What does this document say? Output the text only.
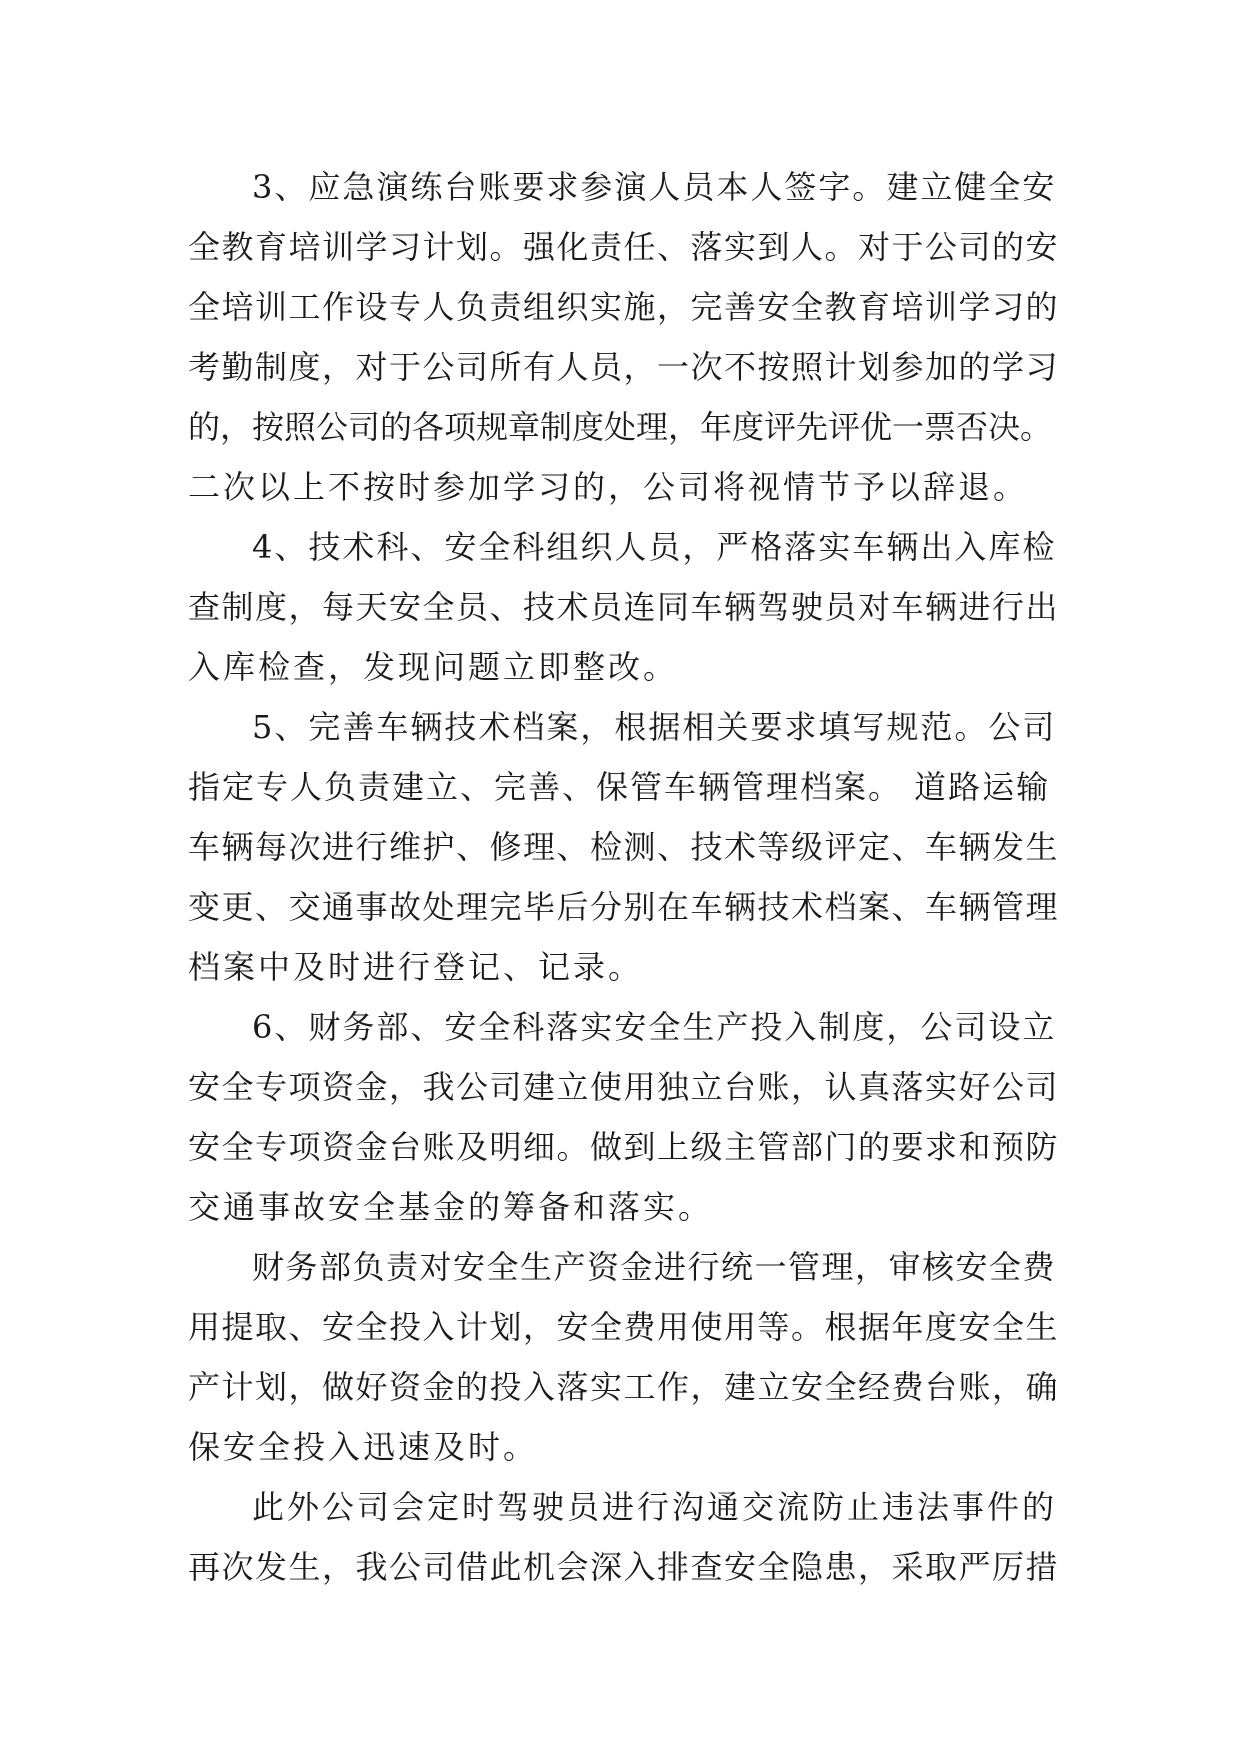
3、应急演练台账要求参演人员本人签字。建立健全安
全教育培训学习计划。强化责任、落实到人。对于公司的安
全培训工作设专人负责组织实施，完善安全教育培训学习的
考勤制度，对于公司所有人员，一次不按照计划参加的学习
的，按照公司的各项规章制度处理，年度评先评优一票否决。
二次以上不按时参加学习的，公司将视情节予以辞退。
4、技术科、安全科组织人员，严格落实车辆出入库检
查制度，每天安全员、技术员连同车辆驾驶员对车辆进行出
入库检查，发现问题立即整改。
5、完善车辆技术档案，根据相关要求填写规范。公司
指定专人负责建立、完善、保管车辆管理档案。 道路运输
车辆每次进行维护、修理、检测、技术等级评定、车辆发生
变更、交通事故处理完毕后分别在车辆技术档案、车辆管理
档案中及时进行登记、记录。
6、财务部、安全科落实安全生产投入制度，公司设立
安全专项资金，我公司建立使用独立台账，认真落实好公司
安全专项资金台账及明细。做到上级主管部门的要求和预防
交通事故安全基金的筹备和落实。
财务部负责对安全生产资金进行统一管理，审核安全费
用提取、安全投入计划，安全费用使用等。根据年度安全生
产计划，做好资金的投入落实工作，建立安全经费台账，确
保安全投入迅速及时。
此外公司会定时驾驶员进行沟通交流防止违法事件的
再次发生，我公司借此机会深入排查安全隐患，采取严厉措
